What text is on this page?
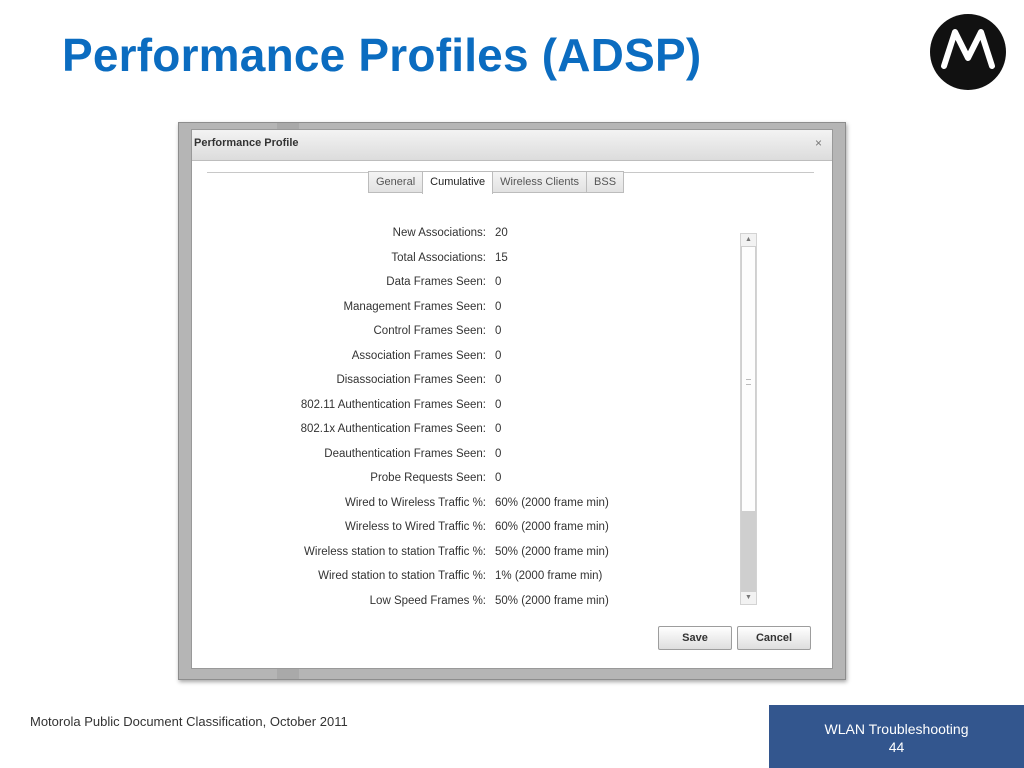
Performance Profiles (ADSP)
Performance Profile	×
General	Cumulative	Wireless Clients	BSS
New Associations: 20
Total Associations: 15
Data Frames Seen: 0
Management Frames Seen: 0
Control Frames Seen: 0
Association Frames Seen: 0
Disassociation Frames Seen: 0
802.11 Authentication Frames Seen: 0
802.1x Authentication Frames Seen: 0
Deauthentication Frames Seen: 0
Probe Requests Seen: 0
Wired to Wireless Traffic %: 60% (2000 frame min)
Wireless to Wired Traffic %: 60% (2000 frame min)
Wireless station to station Traffic %: 50% (2000 frame min)
Wired station to station Traffic %: 1% (2000 frame min)
Low Speed Frames %: 50% (2000 frame min)
▲
▼
Save	Cancel
Motorola Public Document Classification, October 2011	WLAN Troubleshooting
44
